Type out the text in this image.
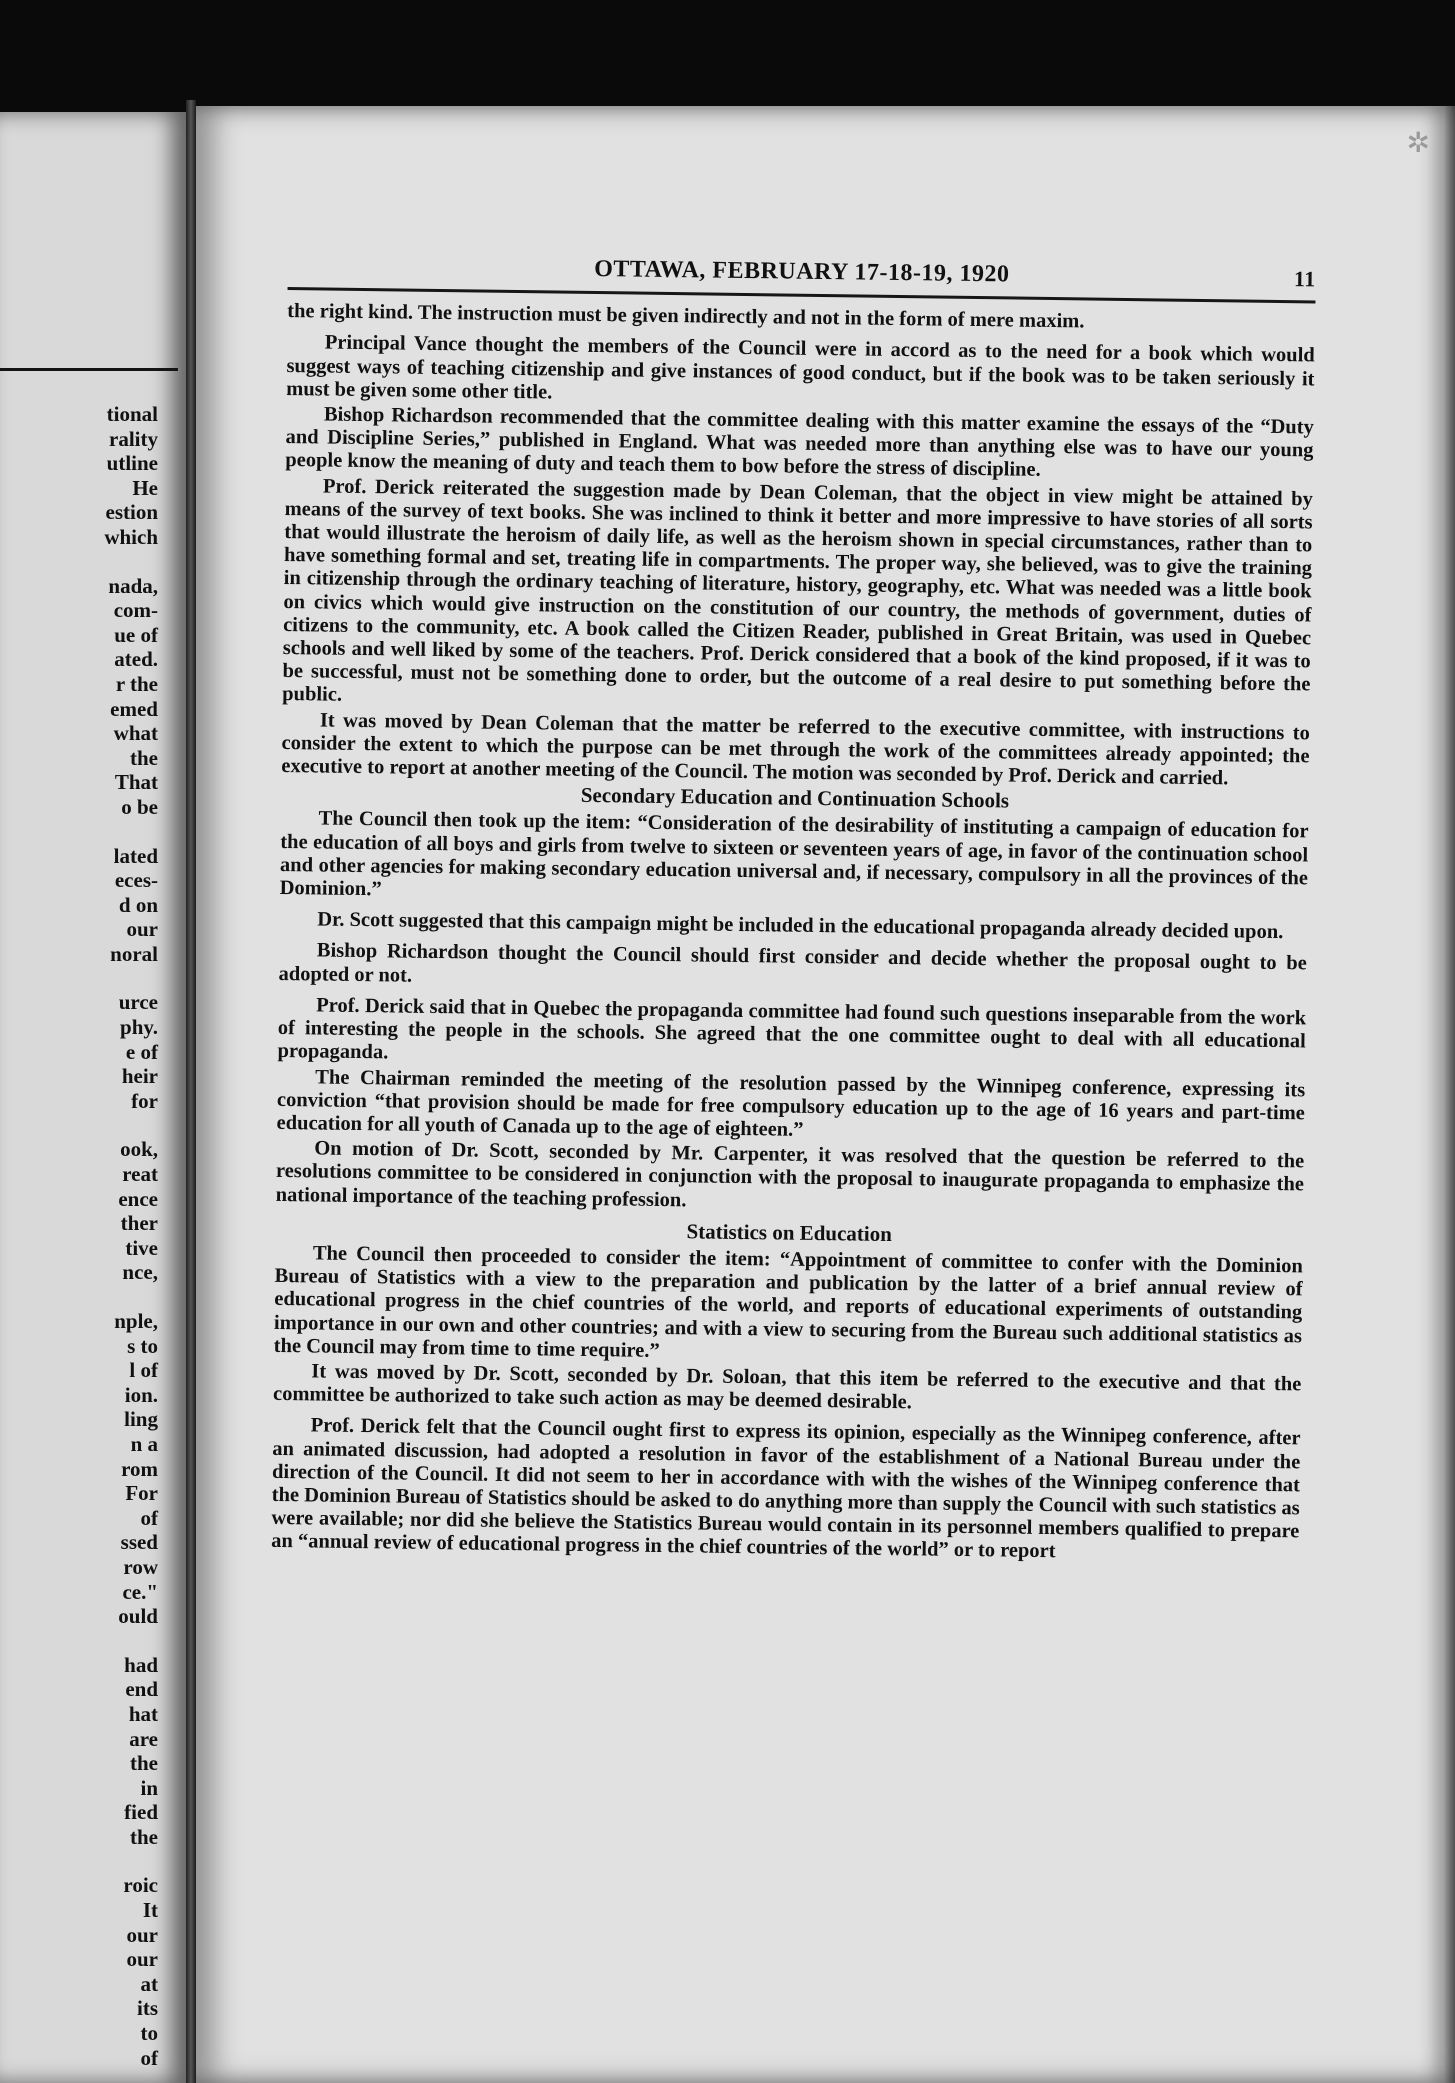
tional
rality
utline
He
estion
which
nada,
com-
ue of
ated.
r the
emed
what
the
That
o be
lated
eces-
d on
our
noral
urce
phy.
e of
heir
for
ook,
reat
ence
ther
tive
nce,
nple,
s to
l of
ion.
ling
n a
rom
For
of
ssed
row
ce."
ould
had
end
hat
are
the
in
fied
the
roic
It
our
our
at
its
to
of
✲
OTTAWA, FEBRUARY 17-18-19, 1920	11

the right kind. The instruction must be given indirectly and not in the form of mere maxim.

Principal Vance thought the members of the Council were in accord as to the need for a book which would suggest ways of teaching citizenship and give instances of good conduct, but if the book was to be taken seriously it must be given some other title.

Bishop Richardson recommended that the committee dealing with this matter examine the essays of the “Duty and Discipline Series,” published in England. What was needed more than anything else was to have our young people know the meaning of duty and teach them to bow before the stress of discipline.

Prof. Derick reiterated the suggestion made by Dean Coleman, that the object in view might be attained by means of the survey of text books. She was inclined to think it better and more impressive to have stories of all sorts that would illustrate the heroism of daily life, as well as the heroism shown in special circumstances, rather than to have something formal and set, treating life in compartments. The proper way, she believed, was to give the training in citizenship through the ordinary teaching of literature, history, geography, etc. What was needed was a little book on civics which would give instruction on the constitution of our country, the methods of government, duties of citizens to the community, etc. A book called the Citizen Reader, published in Great Britain, was used in Quebec schools and well liked by some of the teachers. Prof. Derick considered that a book of the kind proposed, if it was to be successful, must not be something done to order, but the outcome of a real desire to put something before the public.

It was moved by Dean Coleman that the matter be referred to the executive committee, with instructions to consider the extent to which the purpose can be met through the work of the committees already appointed; the executive to report at another meeting of the Council. The motion was seconded by Prof. Derick and carried.

Secondary Education and Continuation Schools

The Council then took up the item: “Consideration of the desirability of instituting a campaign of education for the education of all boys and girls from twelve to sixteen or seventeen years of age, in favor of the continuation school and other agencies for making secondary education universal and, if necessary, compulsory in all the provinces of the Dominion.”

Dr. Scott suggested that this campaign might be included in the educational propaganda already decided upon.

Bishop Richardson thought the Council should first consider and decide whether the proposal ought to be adopted or not.

Prof. Derick said that in Quebec the propaganda committee had found such questions inseparable from the work of interesting the people in the schools. She agreed that the one committee ought to deal with all educational propaganda.

The Chairman reminded the meeting of the resolution passed by the Winnipeg conference, expressing its conviction “that provision should be made for free compulsory education up to the age of 16 years and part-time education for all youth of Canada up to the age of eighteen.”

On motion of Dr. Scott, seconded by Mr. Carpenter, it was resolved that the question be referred to the resolutions committee to be considered in conjunction with the proposal to inaugurate propaganda to emphasize the national importance of the teaching profession.

Statistics on Education

The Council then proceeded to consider the item: “Appointment of committee to confer with the Dominion Bureau of Statistics with a view to the preparation and publication by the latter of a brief annual review of educational progress in the chief countries of the world, and reports of educational experiments of outstanding importance in our own and other countries; and with a view to securing from the Bureau such additional statistics as the Council may from time to time require.”

It was moved by Dr. Scott, seconded by Dr. Soloan, that this item be referred to the executive and that the committee be authorized to take such action as may be deemed desirable.

Prof. Derick felt that the Council ought first to express its opinion, especially as the Winnipeg conference, after an animated discussion, had adopted a resolution in favor of the establishment of a National Bureau under the direction of the Council. It did not seem to her in accordance with with the wishes of the Winnipeg conference that the Dominion Bureau of Statistics should be asked to do anything more than supply the Council with such statistics as were available; nor did she believe the Statistics Bureau would contain in its personnel members qualified to prepare an “annual review of educational progress in the chief countries of the world” or to report
